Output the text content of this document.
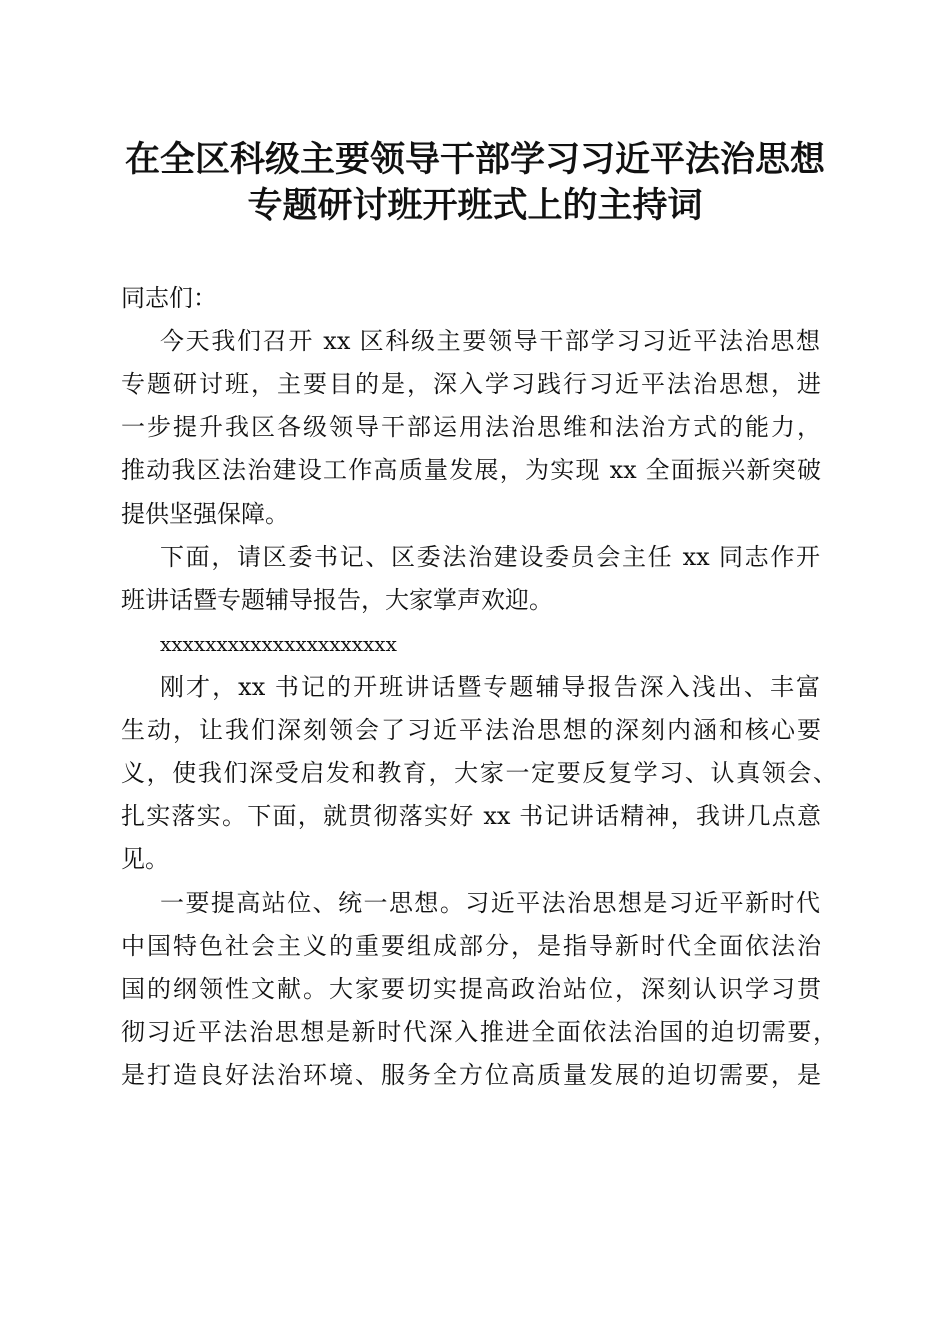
在全区科级主要领导干部学习习近平法治思想
专题研讨班开班式上的主持词
同志们：
今天我们召开 xx 区科级主要领导干部学习习近平法治思想
专题研讨班，主要目的是，深入学习践行习近平法治思想，进
一步提升我区各级领导干部运用法治思维和法治方式的能力，
推动我区法治建设工作高质量发展，为实现 xx 全面振兴新突破
提供坚强保障。
下面，请区委书记、区委法治建设委员会主任 xx 同志作开
班讲话暨专题辅导报告，大家掌声欢迎。
xxxxxxxxxxxxxxxxxxxxx
刚才，xx 书记的开班讲话暨专题辅导报告深入浅出、丰富
生动，让我们深刻领会了习近平法治思想的深刻内涵和核心要
义，使我们深受启发和教育，大家一定要反复学习、认真领会、
扎实落实。下面，就贯彻落实好 xx 书记讲话精神，我讲几点意
见。
一要提高站位、统一思想。习近平法治思想是习近平新时代
中国特色社会主义的重要组成部分，是指导新时代全面依法治
国的纲领性文献。大家要切实提高政治站位，深刻认识学习贯
彻习近平法治思想是新时代深入推进全面依法治国的迫切需要，
是打造良好法治环境、服务全方位高质量发展的迫切需要，是
